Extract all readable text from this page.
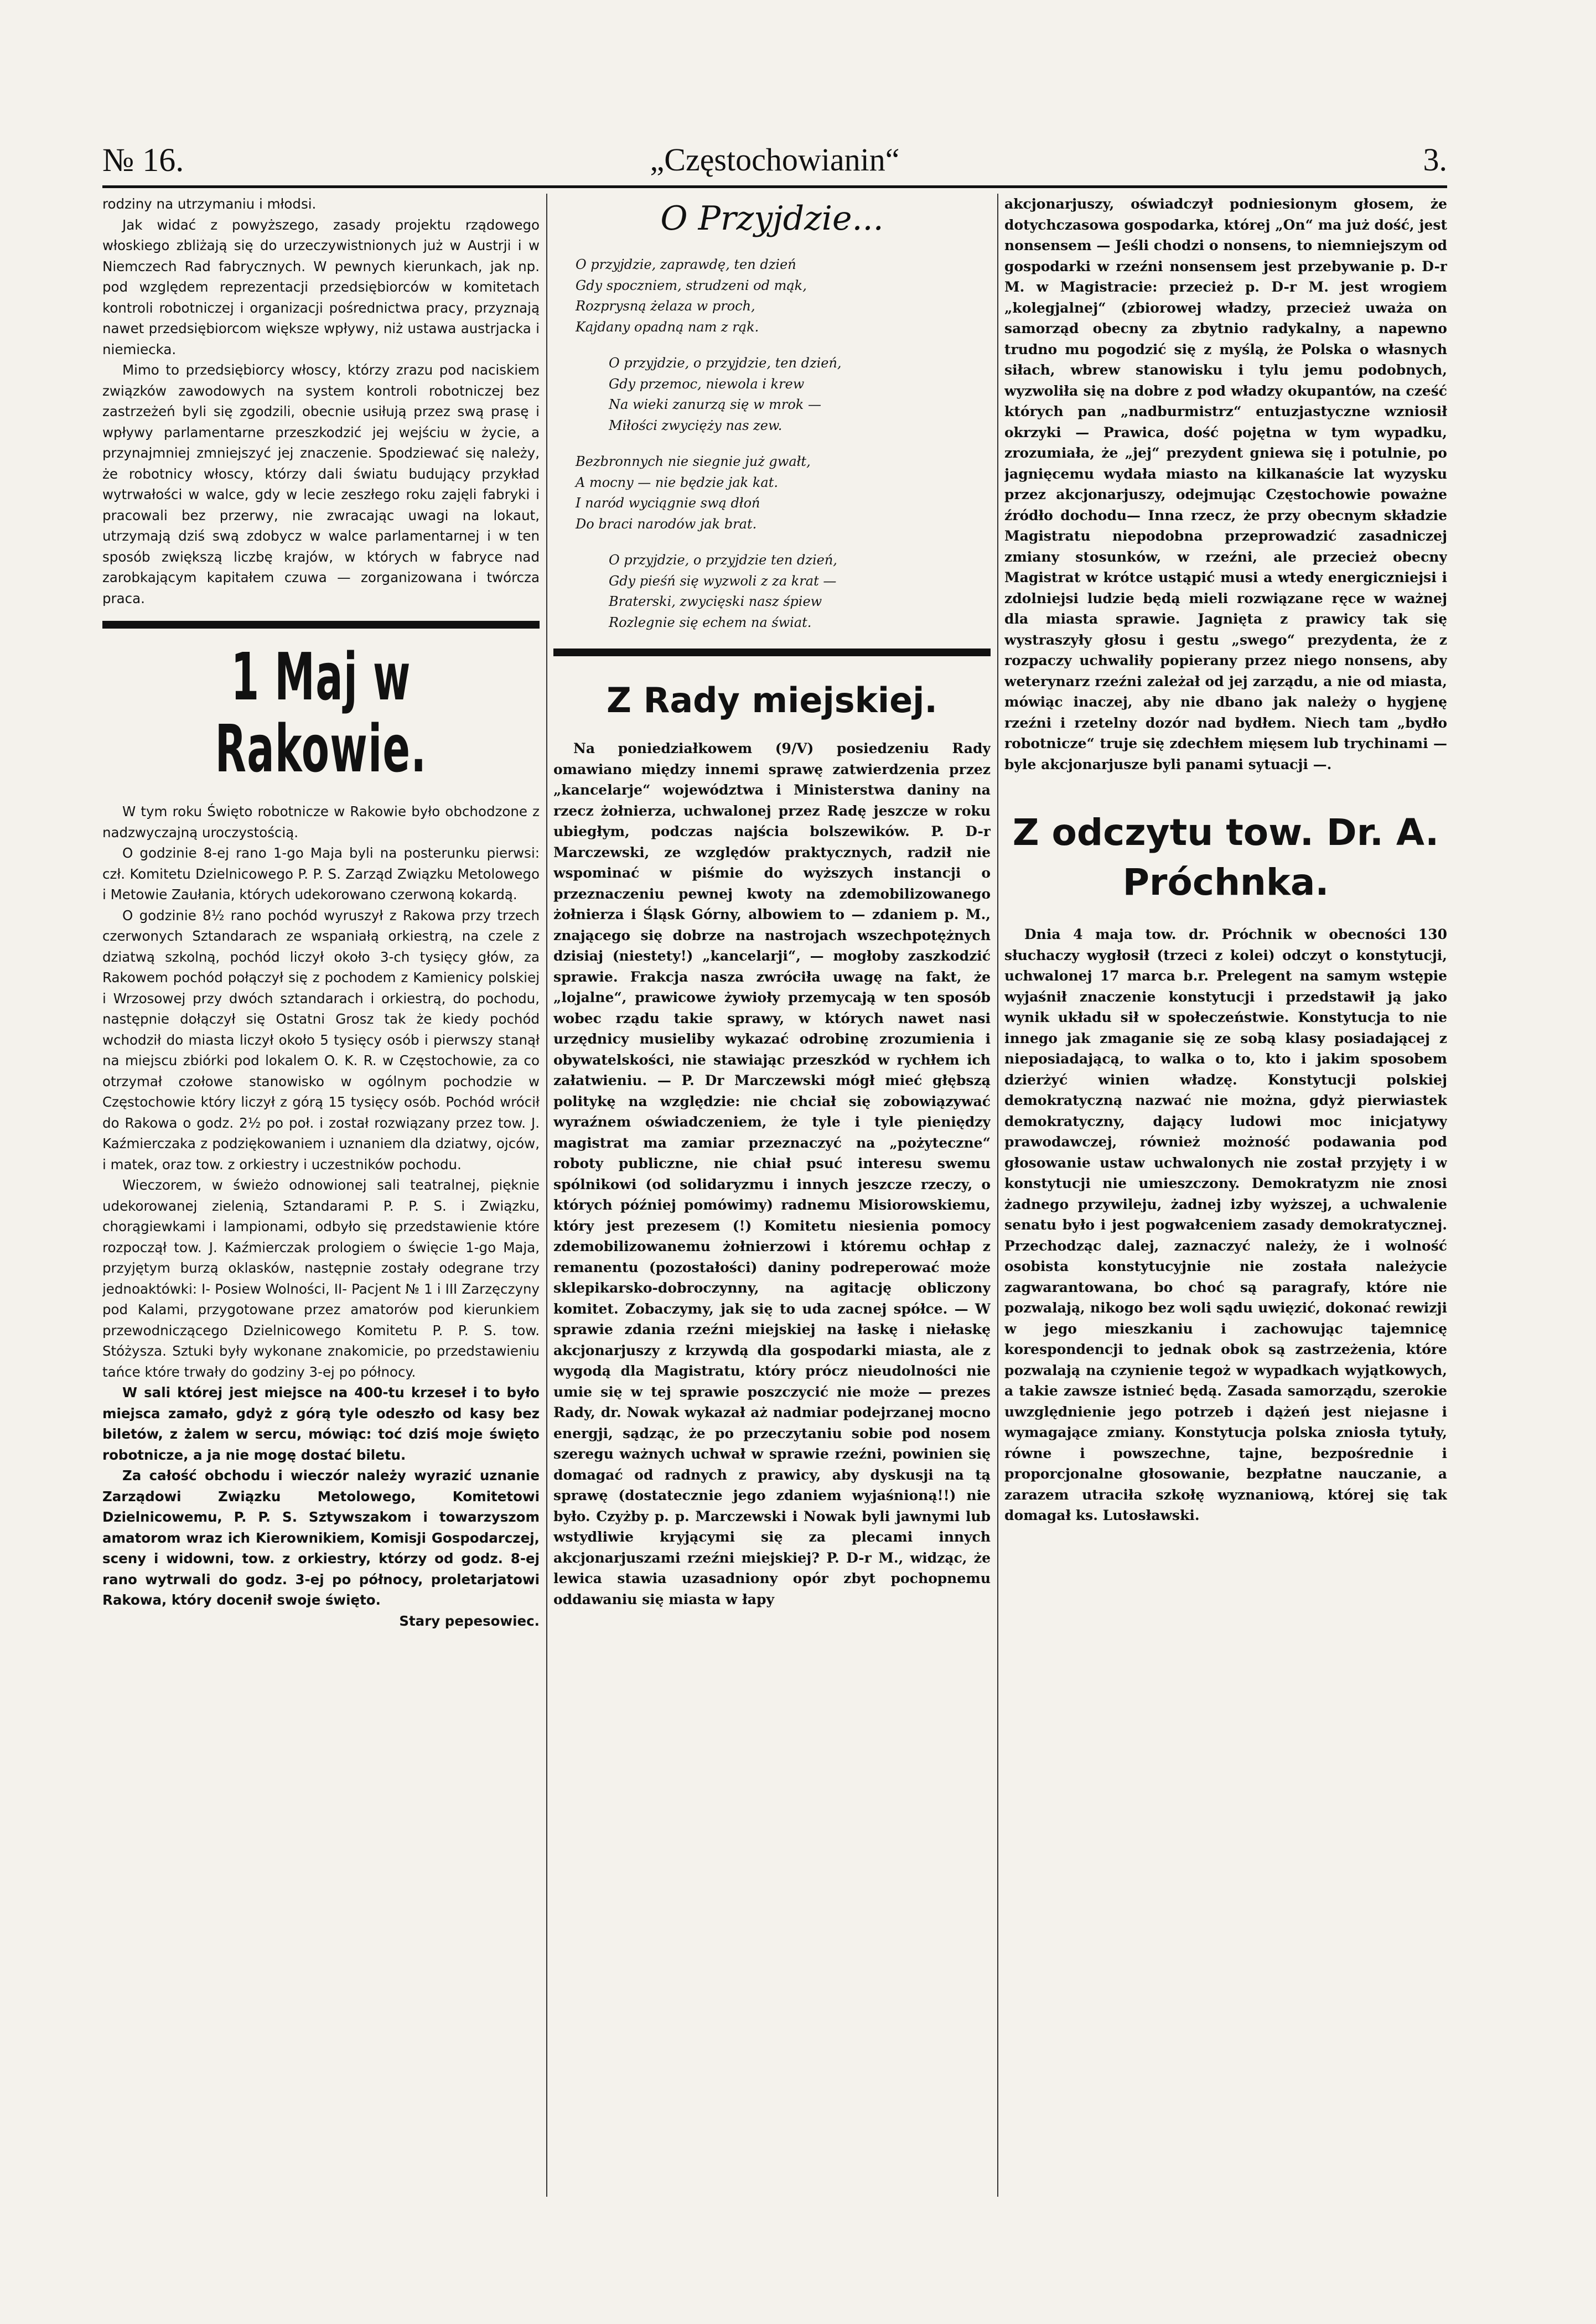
№ 16.	„Częstochowianin“	3.

rodziny na utrzymaniu i młodsi.

Jak widać z powyższego, zasady projektu rządowego włoskiego zbliżają się do urzeczywistnionych już w Austrji i w Niemczech Rad fabrycznych. W pewnych kierunkach, jak np. pod względem reprezentacji przedsiębiorców w komitetach kontroli robotniczej i organizacji pośrednictwa pracy, przyznają nawet przedsiębiorcom większe wpływy, niż ustawa austrjacka i niemiecka.

Mimo to przedsiębiorcy włoscy, którzy zrazu pod naciskiem związków zawodowych na system kontroli robotniczej bez zastrzeżeń byli się zgodzili, obecnie usiłują przez swą prasę i wpływy parlamentarne przeszkodzić jej wejściu w życie, a przynajmniej zmniejszyć jej znaczenie. Spodziewać się należy, że robotnicy włoscy, którzy dali światu budujący przykład wytrwałości w walce, gdy w lecie zeszłego roku zajęli fabryki i pracowali bez przerwy, nie zwracając uwagi na lokaut, utrzymają dziś swą zdobycz w walce parlamentarnej i w ten sposób zwiększą liczbę krajów, w których w fabryce nad zarobkającym kapitałem czuwa — zorganizowana i twórcza praca.

1 Maj w Rakowie.

W tym roku Święto robotnicze w Rakowie było obchodzone z nadzwyczajną uroczystością.

O godzinie 8-ej rano 1-go Maja byli na posterunku pierwsi: czł. Komitetu Dzielnicowego P. P. S. Zarząd Związku Metolowego i Metowie Zaułania, których udekorowano czerwoną kokardą.

O godzinie 8½ rano pochód wyruszył z Rakowa przy trzech czerwonych Sztandarach ze wspaniałą orkiestrą, na czele z dziatwą szkolną, pochód liczył około 3-ch tysięcy głów, za Rakowem pochód połączył się z pochodem z Kamienicy polskiej i Wrzosowej przy dwóch sztandarach i orkiestrą, do pochodu, następnie dołączył się Ostatni Grosz tak że kiedy pochód wchodził do miasta liczył około 5 tysięcy osób i pierwszy stanął na miejscu zbiórki pod lokalem O. K. R. w Częstochowie, za co otrzymał czołowe stanowisko w ogólnym pochodzie w Częstochowie który liczył z górą 15 tysięcy osób. Pochód wrócił do Rakowa o godz. 2½ po poł. i został rozwiązany przez tow. J. Kaźmierczaka z podziękowaniem i uznaniem dla dziatwy, ojców, i matek, oraz tow. z orkiestry i uczestników pochodu.

Wieczorem, w świeżo odnowionej sali teatralnej, pięknie udekorowanej zielenią, Sztandarami P. P. S. i Związku, chorągiewkami i lampionami, odbyło się przedstawienie które rozpoczął tow. J. Kaźmierczak prologiem o święcie 1-go Maja, przyjętym burzą oklasków, następnie zostały odegrane trzy jednoaktówki: I- Posiew Wolności, II- Pacjent № 1 i III Zarzęczyny pod Kalami, przygotowane przez amatorów pod kierunkiem przewodniczącego Dzielnicowego Komitetu P. P. S. tow. Stóżysza. Sztuki były wykonane znakomicie, po przedstawieniu tańce które trwały do godziny 3-ej po północy.

W sali której jest miejsce na 400-tu krzeseł i to było miejsca zamało, gdyż z górą tyle odeszło od kasy bez biletów, z żalem w sercu, mówiąc: toć dziś moje święto robotnicze, a ja nie mogę dostać biletu.

Za całość obchodu i wieczór należy wyrazić uznanie Zarządowi Związku Metolowego, Komitetowi Dzielnicowemu, P. P. S. Sztywszakom i towarzyszom amatorom wraz ich Kierownikiem, Komisji Gospodarczej, sceny i widowni, tow. z orkiestry, którzy od godz. 8-ej rano wytrwali do godz. 3-ej po północy, proletarjatowi Rakowa, który docenił swoje święto.

Stary pepesowiec.

O Przyjdzie...
O przyjdzie, zaprawdę, ten dzień
Gdy spoczniem, strudzeni od mąk,
Rozprysną żelaza w proch,
Kajdany opadną nam z rąk.
O przyjdzie, o przyjdzie, ten dzień,
Gdy przemoc, niewola i krew
Na wieki zanurzą się w mrok —
Miłości zwycięży nas zew.
Bezbronnych nie siegnie już gwałt,
A mocny — nie będzie jak kat.
I naród wyciągnie swą dłoń
Do braci narodów jak brat.
O przyjdzie, o przyjdzie ten dzień,
Gdy pieśń się wyzwoli z za krat —
Braterski, zwycięski nasz śpiew
Rozlegnie się echem na świat.
Z Rady miejskiej.

Na poniedziałkowem (9/V) posiedzeniu Rady omawiano między innemi sprawę zatwierdzenia przez „kancelarje“ województwa i Ministerstwa daniny na rzecz żołnierza, uchwalonej przez Radę jeszcze w roku ubiegłym, podczas najścia bolszewików. P. D-r Marczewski, ze względów praktycznych, radził nie wspominać w piśmie do wyższych instancji o przeznaczeniu pewnej kwoty na zdemobilizowanego żołnierza i Śląsk Górny, albowiem to — zdaniem p. M., znającego się dobrze na nastrojach wszechpotężnych dzisiaj (niestety!) „kancelarji“, — mogłoby zaszkodzić sprawie. Frakcja nasza zwróciła uwagę na fakt, że „lojalne“, prawicowe żywioły przemycają w ten sposób wobec rządu takie sprawy, w których nawet nasi urzędnicy musieliby wykazać odrobinę zrozumienia i obywatelskości, nie stawiając przeszkód w rychłem ich załatwieniu. — P. Dr Marczewski mógł mieć głębszą politykę na względzie: nie chciał się zobowiązywać wyraźnem oświadczeniem, że tyle i tyle pieniędzy magistrat ma zamiar przeznaczyć na „pożyteczne“ roboty publiczne, nie chiał psuć interesu swemu spólnikowi (od solidaryzmu i innych jeszcze rzeczy, o których później pomówimy) radnemu Misiorowskiemu, który jest prezesem (!) Komitetu niesienia pomocy zdemobilizowanemu żołnierzowi i któremu ochłap z remanentu (pozostałości) daniny podreperować może sklepikarsko-dobroczynny, na agitację obliczony komitet. Zobaczymy, jak się to uda zacnej spółce. — W sprawie zdania rzeźni miejskiej na łaskę i niełaskę akcjonarjuszy z krzywdą dla gospodarki miasta, ale z wygodą dla Magistratu, który prócz nieudolności nie umie się w tej sprawie poszczycić nie może — prezes Rady, dr. Nowak wykazał aż nadmiar podejrzanej mocno energji, sądząc, że po przeczytaniu sobie pod nosem szeregu ważnych uchwał w sprawie rzeźni, powinien się domagać od radnych z prawicy, aby dyskusji na tą sprawę (dostatecznie jego zdaniem wyjaśnioną!!) nie było. Czyżby p. p. Marczewski i Nowak byli jawnymi lub wstydliwie kryjącymi się za plecami innych akcjonarjuszami rzeźni miejskiej? P. D-r M., widząc, że lewica stawia uzasadniony opór zbyt pochopnemu oddawaniu się miasta w łapy

akcjonarjuszy, oświadczył podniesionym głosem, że dotychczasowa gospodarka, której „On“ ma już dość, jest nonsensem — Jeśli chodzi o nonsens, to niemniejszym od gospodarki w rzeźni nonsensem jest przebywanie p. D-r M. w Magistracie: przecież p. D-r M. jest wrogiem „kolegjalnej“ (zbiorowej władzy, przecież uważa on samorząd obecny za zbytnio radykalny, a napewno trudno mu pogodzić się z myślą, że Polska o własnych siłach, wbrew stanowisku i tylu jemu podobnych, wyzwoliła się na dobre z pod władzy okupantów, na cześć których pan „nadburmistrz“ entuzjastyczne wzniosił okrzyki — Prawica, dość pojętna w tym wypadku, zrozumiała, że „jej“ prezydent gniewa się i potulnie, po jagnięcemu wydała miasto na kilkanaście lat wyzysku przez akcjonarjuszy, odejmując Częstochowie poważne źródło dochodu— Inna rzecz, że przy obecnym składzie Magistratu niepodobna przeprowadzić zasadniczej zmiany stosunków, w rzeźni, ale przecież obecny Magistrat w krótce ustąpić musi a wtedy energiczniejsi i zdolniejsi ludzie będą mieli rozwiązane ręce w ważnej dla miasta sprawie. Jagnięta z prawicy tak się wystraszyły głosu i gestu „swego“ prezydenta, że z rozpaczy uchwaliły popierany przez niego nonsens, aby weterynarz rzeźni zależał od jej zarządu, a nie od miasta, mówiąc inaczej, aby nie dbano jak należy o hygjenę rzeźni i rzetelny dozór nad bydłem. Niech tam „bydło robotnicze“ truje się zdechłem mięsem lub trychinami — byle akcjonarjusze byli panami sytuacji —.

Z odczytu tow. Dr. A. Próchnka.

Dnia 4 maja tow. dr. Próchnik w obecności 130 słuchaczy wygłosił (trzeci z kolei) odczyt o konstytucji, uchwalonej 17 marca b.r. Prelegent na samym wstępie wyjaśnił znaczenie konstytucji i przedstawił ją jako wynik układu sił w społeczeństwie. Konstytucja to nie innego jak zmaganie się ze sobą klasy posiadającej z nieposiadającą, to walka o to, kto i jakim sposobem dzierżyć winien władzę. Konstytucji polskiej demokratyczną nazwać nie można, gdyż pierwiastek demokratyczny, dający ludowi moc inicjatywy prawodawczej, również możność podawania pod głosowanie ustaw uchwalonych nie został przyjęty i w konstytucji nie umieszczony. Demokratyzm nie znosi żadnego przywileju, żadnej izby wyższej, a uchwalenie senatu było i jest pogwałceniem zasady demokratycznej. Przechodząc dalej, zaznaczyć należy, że i wolność osobista konstytucyjnie nie została należycie zagwarantowana, bo choć są paragrafy, które nie pozwalają, nikogo bez woli sądu uwięzić, dokonać rewizji w jego mieszkaniu i zachowując tajemnicę korespondencji to jednak obok są zastrzeżenia, które pozwalają na czynienie tegoż w wypadkach wyjątkowych, a takie zawsze istnieć będą. Zasada samorządu, szerokie uwzględnienie jego potrzeb i dążeń jest niejasne i wymagające zmiany. Konstytucja polska zniosła tytuły, równe i powszechne, tajne, bezpośrednie i proporcjonalne głosowanie, bezpłatne nauczanie, a zarazem utraciła szkołę wyznaniową, której się tak domagał ks. Lutosławski.
